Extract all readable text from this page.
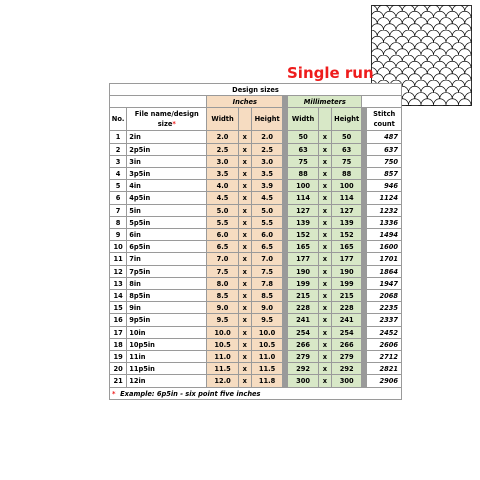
Single run
Design sizes										
		Inches				Millimeters				
No.	File name/design size*	Width		Height		Width		Height		Stitch count
1	2in	2.0	x	2.0		50	x	50		487
2	2p5in	2.5	x	2.5		63	x	63		637
3	3in	3.0	x	3.0		75	x	75		750
4	3p5in	3.5	x	3.5		88	x	88		857
5	4in	4.0	x	3.9		100	x	100		946
6	4p5in	4.5	x	4.5		114	x	114		1124
7	5in	5.0	x	5.0		127	x	127		1232
8	5p5in	5.5	x	5.5		139	x	139		1336
9	6in	6.0	x	6.0		152	x	152		1494
10	6p5in	6.5	x	6.5		165	x	165		1600
11	7in	7.0	x	7.0		177	x	177		1701
12	7p5in	7.5	x	7.5		190	x	190		1864
13	8in	8.0	x	7.8		199	x	199		1947
14	8p5in	8.5	x	8.5		215	x	215		2068
15	9in	9.0	x	9.0		228	x	228		2235
16	9p5in	9.5	x	9.5		241	x	241		2337
17	10in	10.0	x	10.0		254	x	254		2452
18	10p5in	10.5	x	10.5		266	x	266		2606
19	11in	11.0	x	11.0		279	x	279		2712
20	11p5in	11.5	x	11.5		292	x	292		2821
21	12in	12.0	x	11.8		300	x	300		2906
* Example: 6p5in - six point five inches										
